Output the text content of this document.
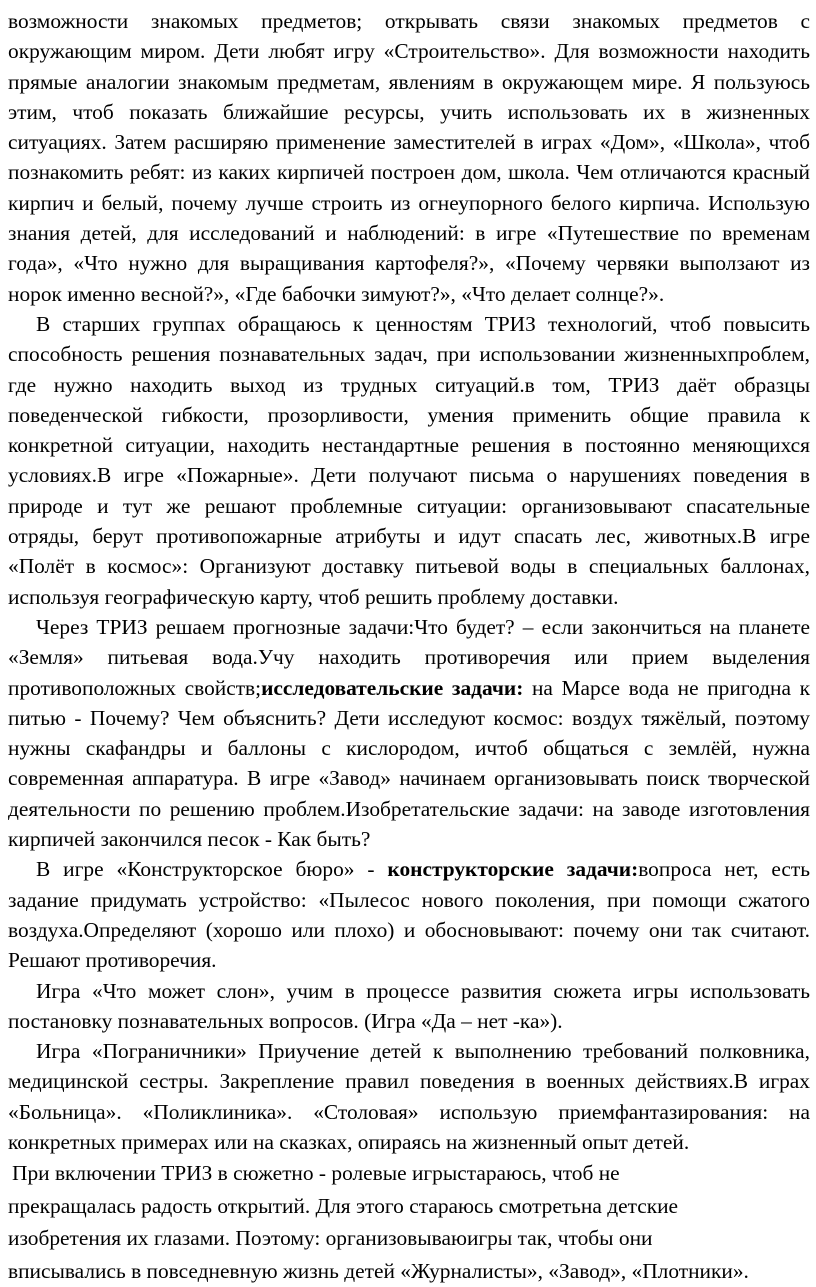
возможности знакомых предметов; открывать связи знакомых предметов с окружающим миром. Дети любят игру «Строительство». Для возможности находить прямые аналогии знакомым предметам, явлениям в окружающем мире. Я пользуюсь этим, чтоб показать ближайшие ресурсы, учить использовать их в жизненных ситуациях. Затем расширяю применение заместителей в играх «Дом», «Школа», чтоб познакомить ребят: из каких кирпичей построен дом, школа. Чем отличаются красный кирпич и белый, почему лучше строить из огнеупорного белого кирпича. Использую знания детей, для исследований и наблюдений: в игре «Путешествие по временам года», «Что нужно для выращивания картофеля?», «Почему червяки выползают из норок именно весной?», «Где бабочки зимуют?», «Что делает солнце?».

В старших группах обращаюсь к ценностям ТРИЗ технологий, чтоб повысить способность решения познавательных задач, при использовании жизненныхпроблем, где нужно находить выход из трудных ситуаций.в том, ТРИЗ даёт образцы поведенческой гибкости, прозорливости, умения применить общие правила к конкретной ситуации, находить нестандартные решения в постоянно меняющихся условиях.В игре «Пожарные». Дети получают письма о нарушениях поведения в природе и тут же решают проблемные ситуации: организовывают спасательные отряды, берут противопожарные атрибуты и идут спасать лес, животных.В игре «Полёт в космос»: Организуют доставку питьевой воды в специальных баллонах, используя географическую карту, чтоб решить проблему доставки.

Через ТРИЗ решаем прогнозные задачи:Что будет? – если закончиться на планете «Земля» питьевая вода.Учу находить противоречия или прием выделения противоположных свойств;исследовательские задачи: на Марсе вода не пригодна к питью - Почему? Чем объяснить? Дети исследуют космос: воздух тяжёлый, поэтому нужны скафандры и баллоны с кислородом, ичтоб общаться с землёй, нужна современная аппаратура. В игре «Завод» начинаем организовывать поиск творческой деятельности по решению проблем.Изобретательские задачи: на заводе изготовления кирпичей закончился песок - Как быть?

В игре «Конструкторское бюро» - конструкторские задачи:вопроса нет, есть задание придумать устройство: «Пылесос нового поколения, при помощи сжатого воздуха.Определяют (хорошо или плохо) и обосновывают: почему они так считают. Решают противоречия.

Игра «Что может слон», учим в процессе развития сюжета игры использовать постановку познавательных вопросов. (Игра «Да – нет -ка»).

Игра «Пограничники» Приучение детей к выполнению требований полковника, медицинской сестры. Закрепление правил поведения в военных действиях.В играх «Больница». «Поликлиника». «Столовая» использую приемфантазирования: на конкретных примерах или на сказках, опираясь на жизненный опыт детей.

При включении ТРИЗ в сюжетно - ролевые игрыстараюсь, чтоб не
прекращалась радость открытий. Для этого стараюсь смотретьна детские
изобретения их глазами. Поэтому: организовываюигры так, чтобы они
вписывались в повседневную жизнь детей «Журналисты», «Завод», «Плотники».
